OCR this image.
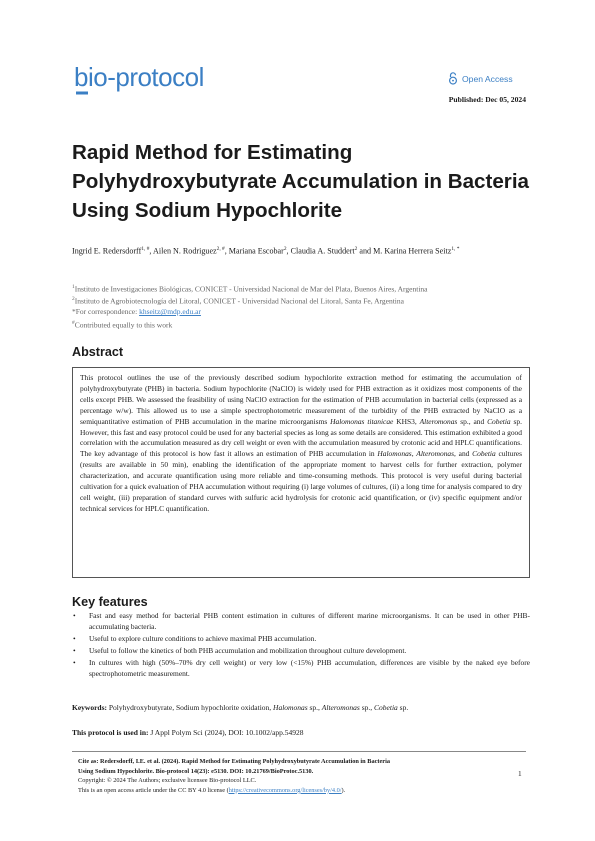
bio-protocol	Open Access
Published: Dec 05, 2024
Rapid Method for Estimating Polyhydroxybutyrate Accumulation in Bacteria Using Sodium Hypochlorite
Ingrid E. Redersdorff$^{1, \#}$, Ailen N. Rodriguez$^{2, \#}$, Mariana Escobar$^2$, Claudia A. Studdert$^2$ and M. Karina Herrera Seitz$^{1, *}$
$^1$Instituto de Investigaciones Biológicas, CONICET - Universidad Nacional de Mar del Plata, Buenos Aires, Argentina
$^2$Instituto de Agrobiotecnología del Litoral, CONICET - Universidad Nacional del Litoral, Santa Fe, Argentina
*For correspondence: khseitz@mdp.edu.ar
#Contributed equally to this work
Abstract

This protocol outlines the use of the previously described sodium hypochlorite extraction method for estimating the accumulation of polyhydroxybutyrate (PHB) in bacteria. Sodium hypochlorite (NaClO) is widely used for PHB extraction as it oxidizes most components of the cells except PHB. We assessed the feasibility of using NaClO extraction for the estimation of PHB accumulation in bacterial cells (expressed as a percentage w/w). This allowed us to use a simple spectrophotometric measurement of the turbidity of the PHB extracted by NaClO as a semiquantitative estimation of PHB accumulation in the marine microorganisms Halomonas titanicae KHS3, Alteromonas sp., and Cobetia sp. However, this fast and easy protocol could be used for any bacterial species as long as some details are considered. This estimation exhibited a good correlation with the accumulation measured as dry cell weight or even with the accumulation measured by crotonic acid and HPLC quantifications. The key advantage of this protocol is how fast it allows an estimation of PHB accumulation in Halomonas, Alteromonas, and Cobetia cultures (results are available in 50 min), enabling the identification of the appropriate moment to harvest cells for further extraction, polymer characterization, and accurate quantification using more reliable and time-consuming methods. This protocol is very useful during bacterial cultivation for a quick evaluation of PHA accumulation without requiring (i) large volumes of cultures, (ii) a long time for analysis compared to dry cell weight, (iii) preparation of standard curves with sulfuric acid hydrolysis for crotonic acid quantification, or (iv) specific equipment and/or technical services for HPLC quantification.

Key features
• Fast and easy method for bacterial PHB content estimation in cultures of different marine microorganisms. It can be used in other PHB-accumulating bacteria.
• Useful to explore culture conditions to achieve maximal PHB accumulation.
• Useful to follow the kinetics of both PHB accumulation and mobilization throughout culture development.
• In cultures with high (50%–70% dry cell weight) or very low (<15%) PHB accumulation, differences are visible by the naked eye before spectrophotometric measurement.
Keywords: Polyhydroxybutyrate, Sodium hypochlorite oxidation, Halomonas sp., Alteromonas sp., Cobetia sp.
This protocol is used in: J Appl Polym Sci (2024), DOI: 10.1002/app.54928
Cite as: Redersdorff, I.E. et al. (2024). Rapid Method for Estimating Polyhydroxybutyrate Accumulation in Bacteria
Using Sodium Hypochlorite. Bio-protocol 14(23): e5130. DOI: 10.21769/BioProtoc.5130.
Copyright: © 2024 The Authors; exclusive licensee Bio-protocol LLC.
This is an open access article under the CC BY 4.0 license (https://creativecommons.org/licenses/by/4.0/).
1
